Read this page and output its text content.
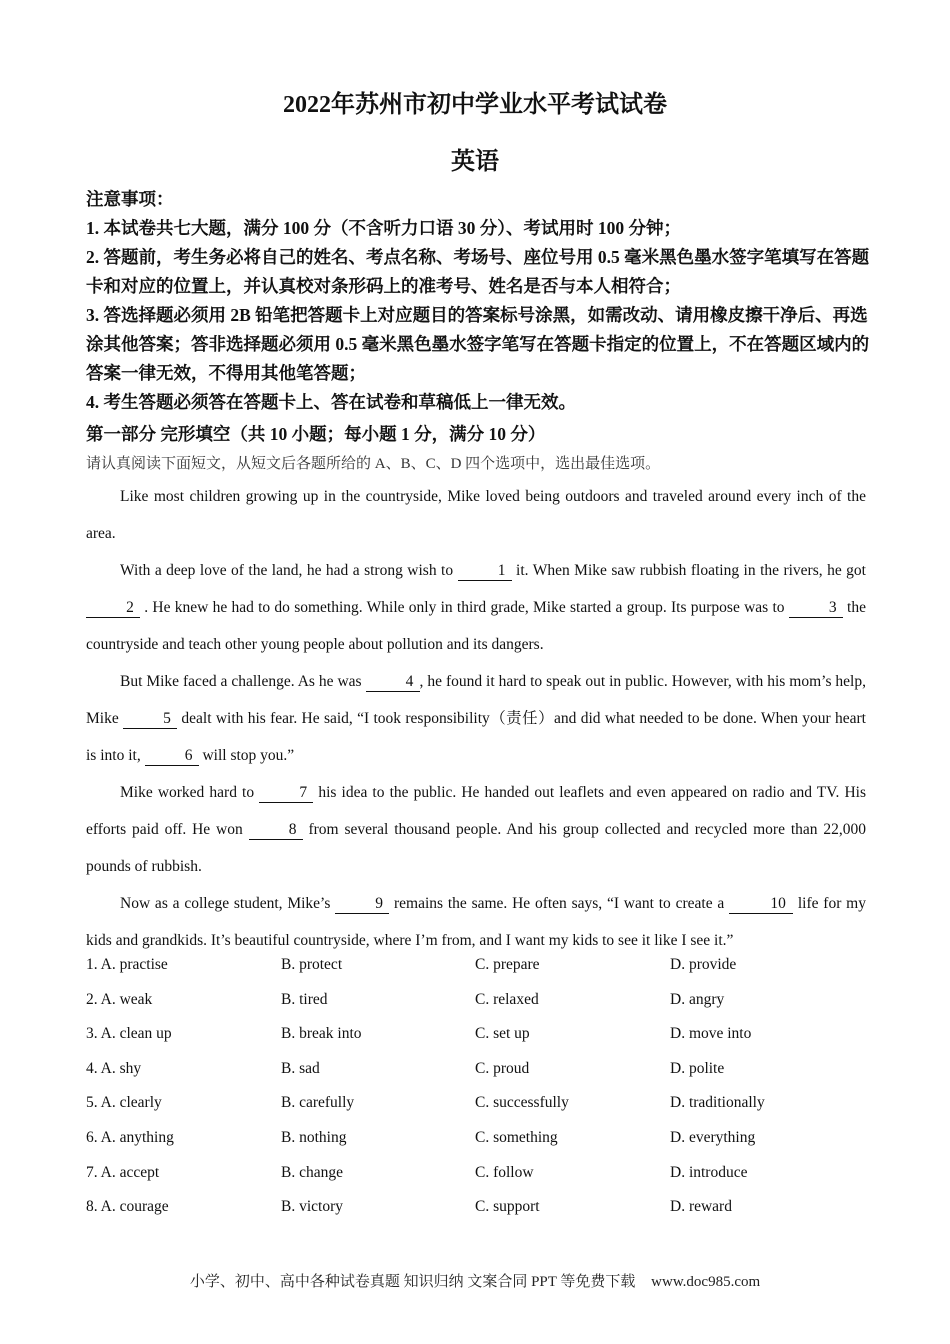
2022年苏州市初中学业水平考试试卷
英语
注意事项：
1. 本试卷共七大题，满分 100 分（不含听力口语 30 分）、考试用时 100 分钟；
2. 答题前，考生务必将自己的姓名、考点名称、考场号、座位号用 0.5 毫米黑色墨水签字笔填写在答题卡和对应的位置上，并认真校对条形码上的准考号、姓名是否与本人相符合；
3. 答选择题必须用 2B 铅笔把答题卡上对应题目的答案标号涂黑，如需改动、请用橡皮擦干净后、再选涂其他答案；答非选择题必须用 0.5 毫米黑色墨水签字笔写在答题卡指定的位置上，不在答题区域内的答案一律无效，不得用其他笔答题；
4. 考生答题必须答在答题卡上、答在试卷和草稿低上一律无效。
第一部分 完形填空（共 10 小题；每小题 1 分，满分 10 分）
请认真阅读下面短文，从短文后各题所给的 A、B、C、D 四个选项中，选出最佳选项。

Like most children growing up in the countryside, Mike loved being outdoors and traveled around every inch of the area.

With a deep love of the land, he had a strong wish to	1 it. When Mike saw rubbish floating in the rivers, he got 2 . He knew he had to do something. While only in third grade, Mike started a group. Its purpose was to	3 the countryside and teach other young people about pollution and its dangers.

But Mike faced a challenge. As he was	4 , he found it hard to speak out in public. However, with his mom’s help, Mike	5 dealt with his fear. He said, “I took responsibility（责任）and did what needed to be done. When your heart is into it,	6 will stop you.”

Mike worked hard to	7 his idea to the public. He handed out leaflets and even appeared on radio and TV. His efforts paid off. He won	8 from several thousand people. And his group collected and recycled more than 22,000 pounds of rubbish.

Now as a college student, Mike’s	9 remains the same. He often says, “I want to create a	10 life for my kids and grandkids. It’s beautiful countryside, where I’m from, and I want my kids to see it like I see it.”

1. A. practise	B. protect	C. prepare	D. provide
2. A. weak	B. tired	C. relaxed	D. angry
3. A. clean up	B. break into	C. set up	D. move into
4. A. shy	B. sad	C. proud	D. polite
5. A. clearly	B. carefully	C. successfully	D. traditionally
6. A. anything	B. nothing	C. something	D. everything
7. A. accept	B. change	C. follow	D. introduce
8. A. courage	B. victory	C. support	D. reward
小学、初中、高中各种试卷真题 知识归纳 文案合同 PPT 等免费下载 www.doc985.com
